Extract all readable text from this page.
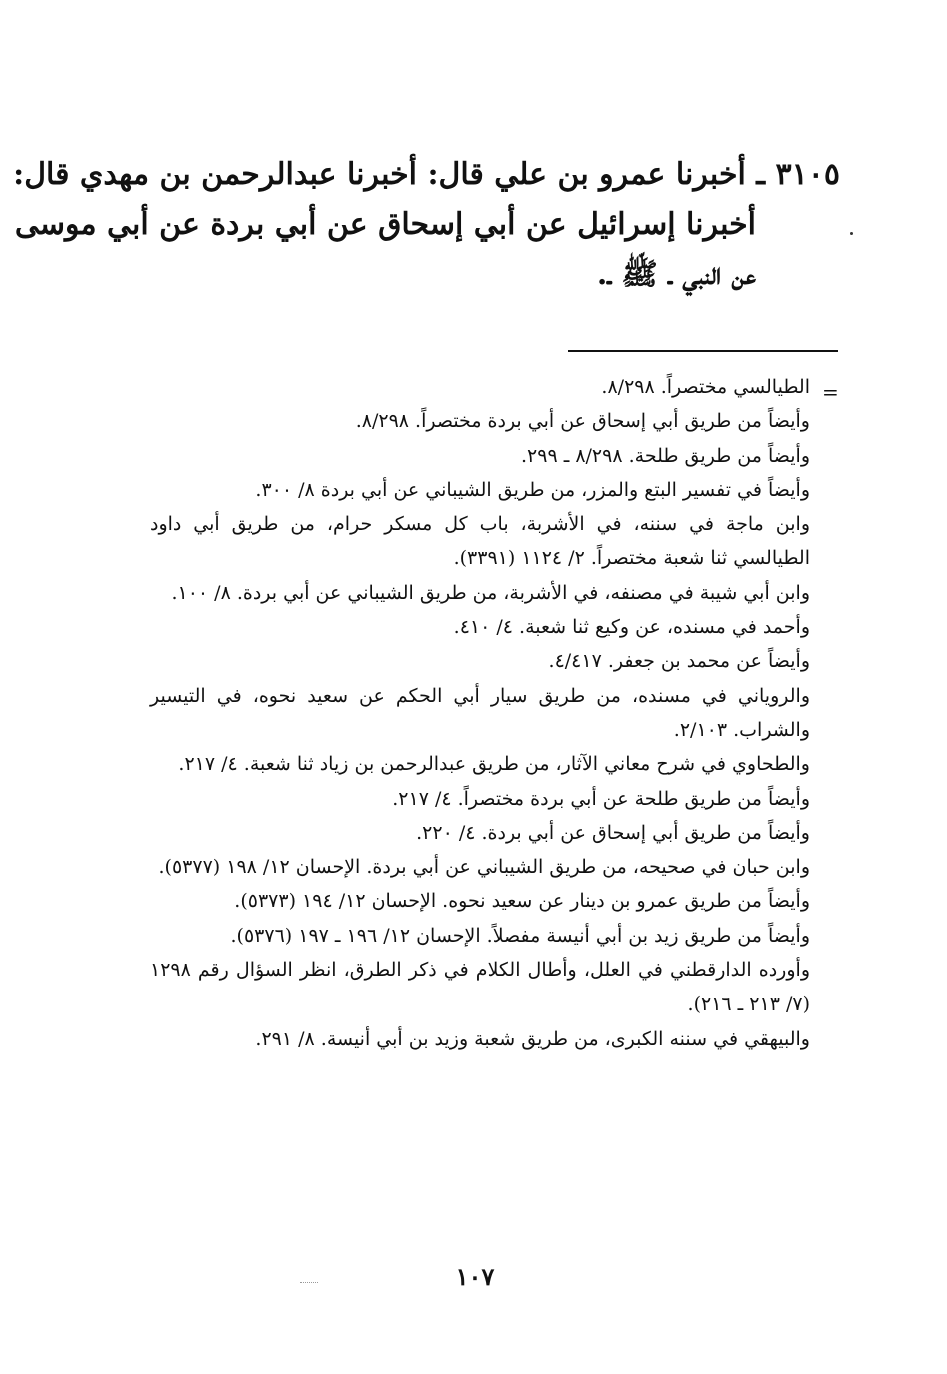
٣١٠٥ ـ أخبرنا عمرو بن علي قال: أخبرنا عبدالرحمن بن مهدي قال:
أخبرنا إسرائيل عن أبي إسحاق عن أبي بردة عن أبي موسى
عن النبي ـ ﷺ ـ.
=

الطيالسي مختصراً. ٨/٢٩٨.

وأيضاً من طريق أبي إسحاق عن أبي بردة مختصراً. ٨/٢٩٨.

وأيضاً من طريق طلحة. ٨/٢٩٨ ـ ٢٩٩.

وأيضاً في تفسير البتع والمزر، من طريق الشيباني عن أبي بردة ٨/ ٣٠٠.

وابن ماجة في سننه، في الأشربة، باب كل مسكر حرام، من طريق أبي داود الطيالسي ثنا شعبة مختصراً. ٢/ ١١٢٤ (٣٣٩١).

وابن أبي شيبة في مصنفه، في الأشربة، من طريق الشيباني عن أبي بردة. ٨/ ١٠٠.

وأحمد في مسنده، عن وكيع ثنا شعبة. ٤/ ٤١٠.

وأيضاً عن محمد بن جعفر. ٤/٤١٧.

والروياني في مسنده، من طريق سيار أبي الحكم عن سعيد نحوه، في التيسير والشراب. ٢/١٠٣.

والطحاوي في شرح معاني الآثار، من طريق عبدالرحمن بن زياد ثنا شعبة. ٤/ ٢١٧.

وأيضاً من طريق طلحة عن أبي بردة مختصراً. ٤/ ٢١٧.

وأيضاً من طريق أبي إسحاق عن أبي بردة. ٤/ ٢٢٠.

وابن حبان في صحيحه، من طريق الشيباني عن أبي بردة. الإحسان ١٢/ ١٩٨ (٥٣٧٧).

وأيضاً من طريق عمرو بن دينار عن سعيد نحوه. الإحسان ١٢/ ١٩٤ (٥٣٧٣).

وأيضاً من طريق زيد بن أبي أنيسة مفصلاً. الإحسان ١٢/ ١٩٦ ـ ١٩٧ (٥٣٧٦).

وأورده الدارقطني في العلل، وأطال الكلام في ذكر الطرق، انظر السؤال رقم ١٢٩٨ (٧/ ٢١٣ ـ ٢١٦).

والبيهقي في سننه الكبرى، من طريق شعبة وزيد بن أبي أنيسة. ٨/ ٢٩١.

١٠٧
